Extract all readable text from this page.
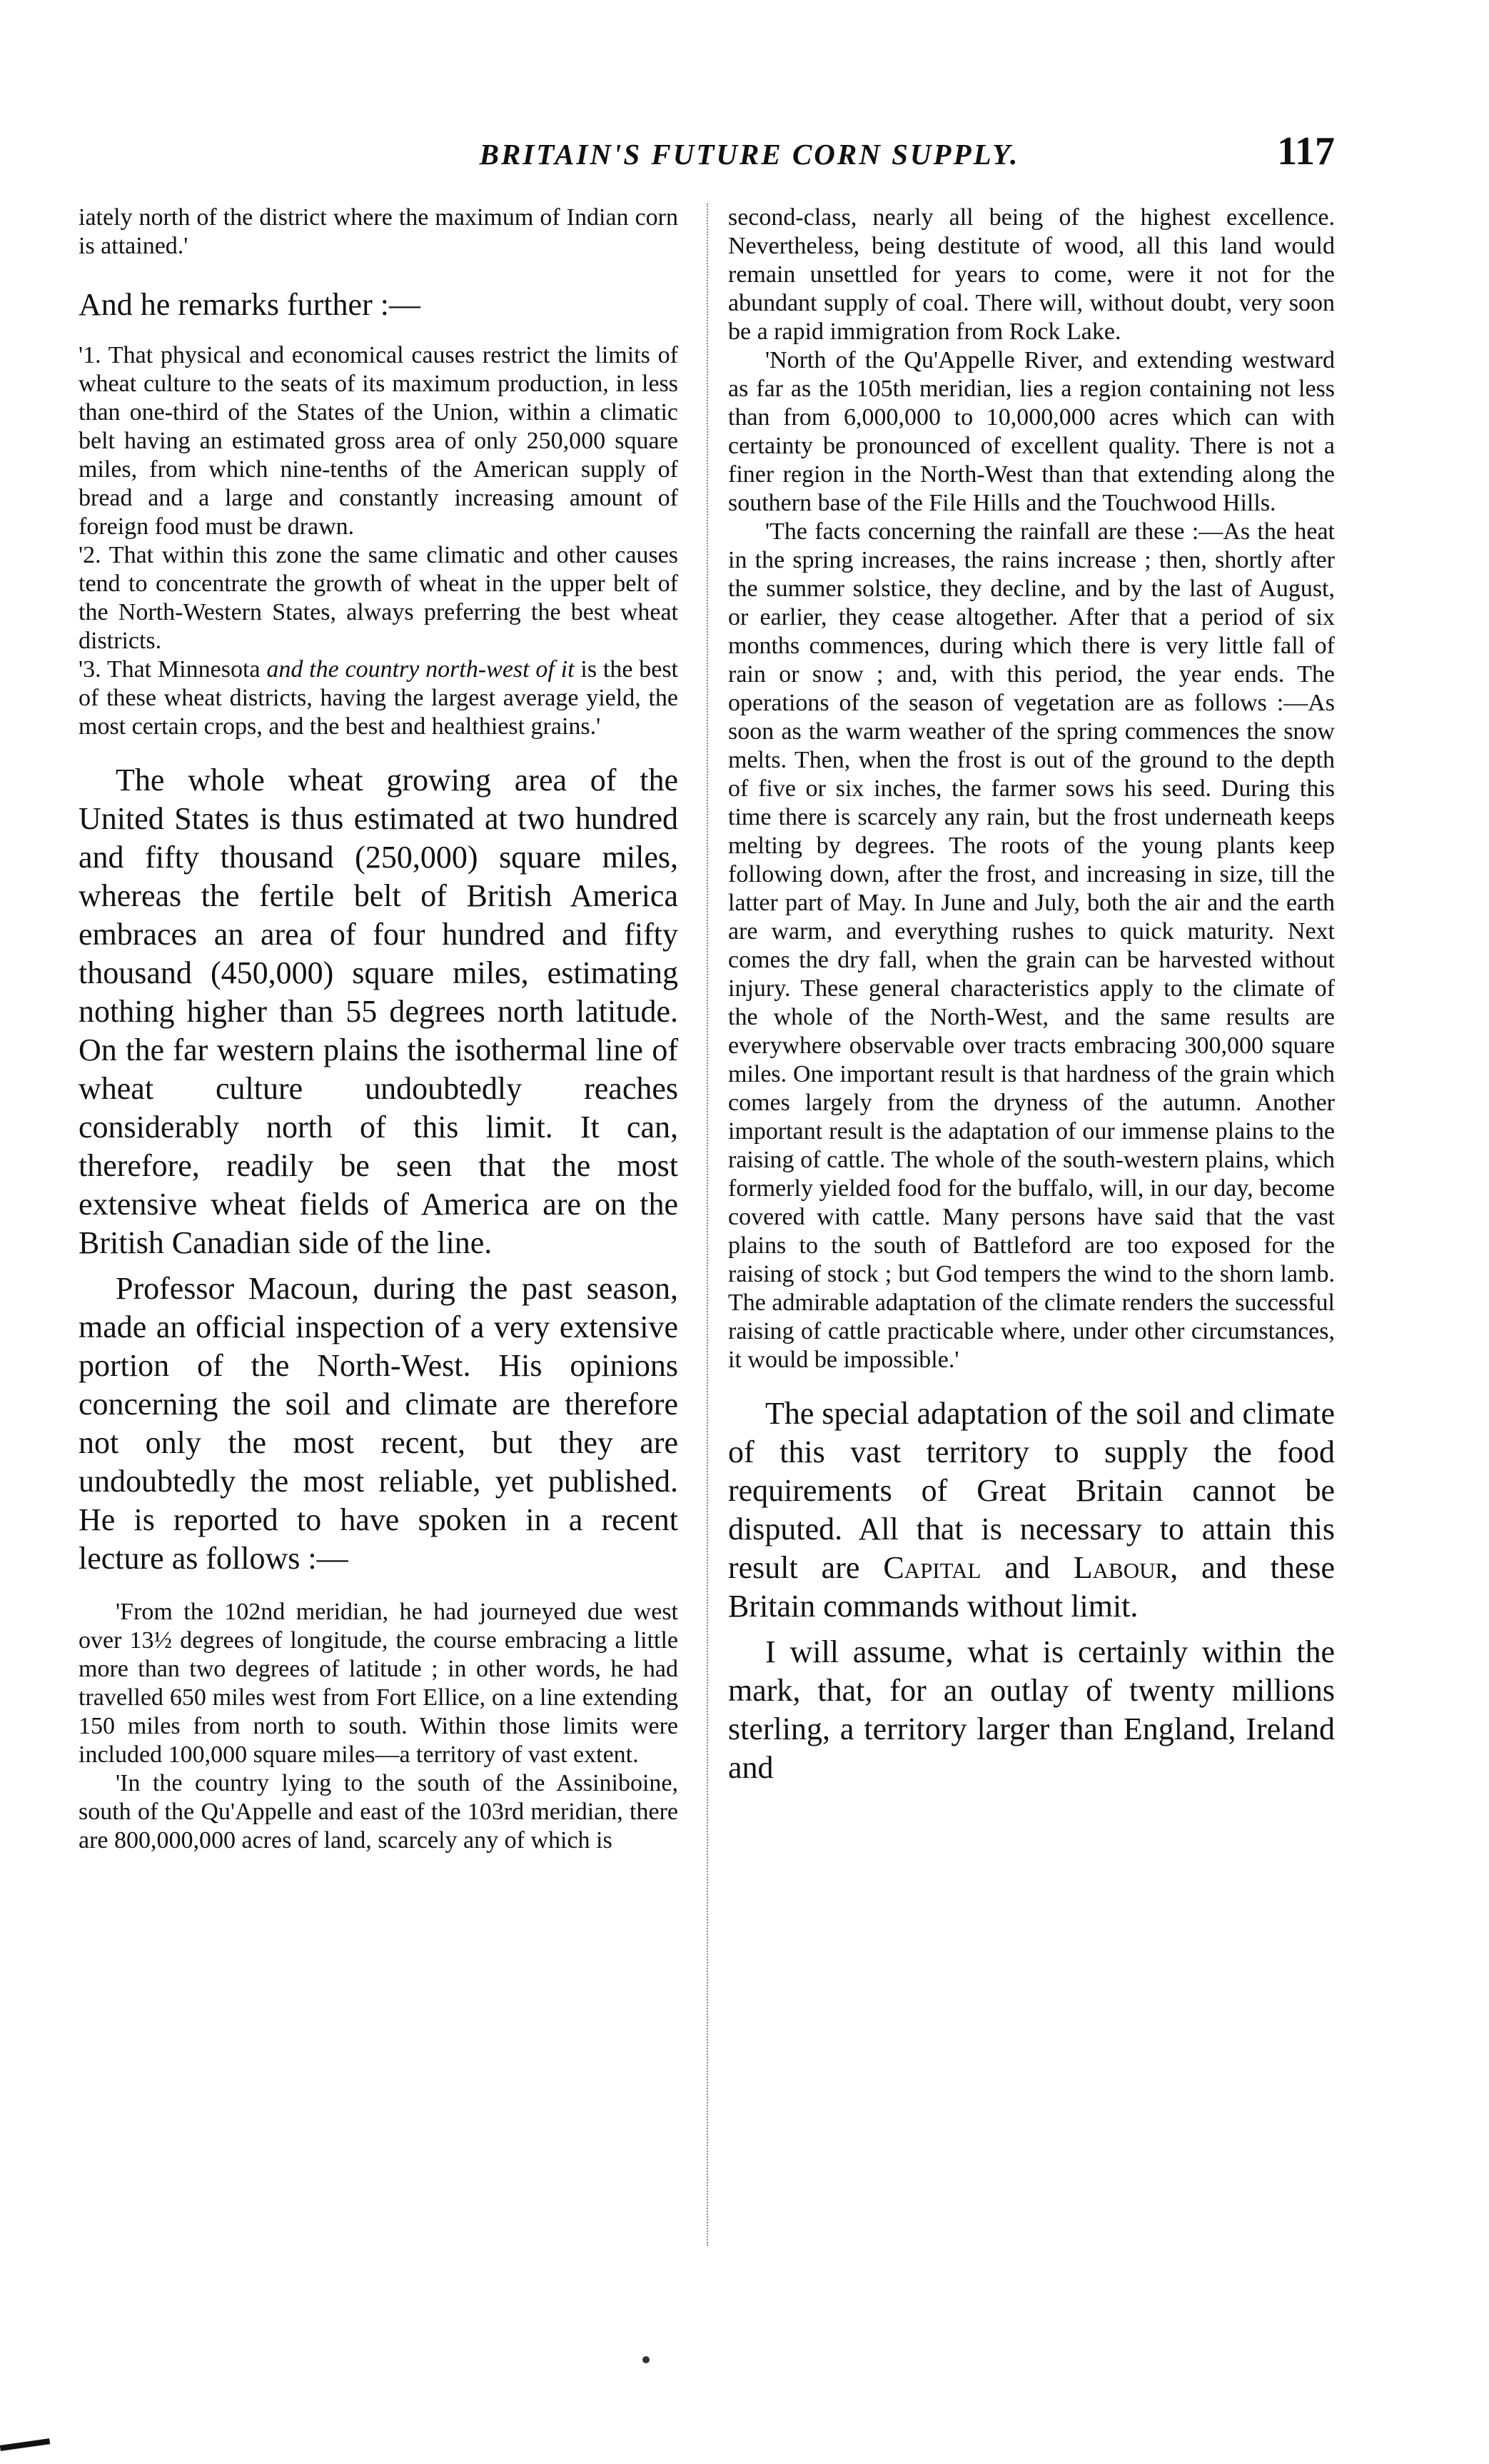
BRITAIN'S FUTURE CORN SUPPLY.	117

iately north of the district where the maximum of Indian corn is attained.'

And he remarks further :—

'1. That physical and economical causes restrict the limits of wheat culture to the seats of its maximum production, in less than one-third of the States of the Union, within a climatic belt having an estimated gross area of only 250,000 square miles, from which nine-tenths of the American supply of bread and a large and constantly increasing amount of foreign food must be drawn.

'2. That within this zone the same climatic and other causes tend to concentrate the growth of wheat in the upper belt of the North-Western States, always preferring the best wheat districts.

'3. That Minnesota and the country north-west of it is the best of these wheat districts, having the largest average yield, the most certain crops, and the best and healthiest grains.'

The whole wheat growing area of the United States is thus estimated at two hundred and fifty thousand (250,000) square miles, whereas the fertile belt of British America embraces an area of four hundred and fifty thousand (450,000) square miles, estimating nothing higher than 55 degrees north latitude. On the far western plains the isothermal line of wheat culture undoubtedly reaches considerably north of this limit. It can, therefore, readily be seen that the most extensive wheat fields of America are on the British Canadian side of the line.

Professor Macoun, during the past season, made an official inspection of a very extensive portion of the North-West. His opinions concerning the soil and climate are therefore not only the most recent, but they are undoubtedly the most reliable, yet published. He is reported to have spoken in a recent lecture as follows :—

'From the 102nd meridian, he had journeyed due west over 13½ degrees of longitude, the course embracing a little more than two degrees of latitude ; in other words, he had travelled 650 miles west from Fort Ellice, on a line extending 150 miles from north to south. Within those limits were included 100,000 square miles—a territory of vast extent.

'In the country lying to the south of the Assiniboine, south of the Qu'Appelle and east of the 103rd meridian, there are 800,000,000 acres of land, scarcely any of which is

second-class, nearly all being of the highest excellence. Nevertheless, being destitute of wood, all this land would remain unsettled for years to come, were it not for the abundant supply of coal. There will, without doubt, very soon be a rapid immigration from Rock Lake.

'North of the Qu'Appelle River, and extending westward as far as the 105th meridian, lies a region containing not less than from 6,000,000 to 10,000,000 acres which can with certainty be pronounced of excellent quality. There is not a finer region in the North-West than that extending along the southern base of the File Hills and the Touchwood Hills.

'The facts concerning the rainfall are these :—As the heat in the spring increases, the rains increase ; then, shortly after the summer solstice, they decline, and by the last of August, or earlier, they cease altogether. After that a period of six months commences, during which there is very little fall of rain or snow ; and, with this period, the year ends. The operations of the season of vegetation are as follows :—As soon as the warm weather of the spring commences the snow melts. Then, when the frost is out of the ground to the depth of five or six inches, the farmer sows his seed. During this time there is scarcely any rain, but the frost underneath keeps melting by degrees. The roots of the young plants keep following down, after the frost, and increasing in size, till the latter part of May. In June and July, both the air and the earth are warm, and everything rushes to quick maturity. Next comes the dry fall, when the grain can be harvested without injury. These general characteristics apply to the climate of the whole of the North-West, and the same results are everywhere observable over tracts embracing 300,000 square miles. One important result is that hardness of the grain which comes largely from the dryness of the autumn. Another important result is the adaptation of our immense plains to the raising of cattle. The whole of the south-western plains, which formerly yielded food for the buffalo, will, in our day, become covered with cattle. Many persons have said that the vast plains to the south of Battleford are too exposed for the raising of stock ; but God tempers the wind to the shorn lamb. The admirable adaptation of the climate renders the successful raising of cattle practicable where, under other circumstances, it would be impossible.'

The special adaptation of the soil and climate of this vast territory to supply the food requirements of Great Britain cannot be disputed. All that is necessary to attain this result are Capital and Labour, and these Britain commands without limit.

I will assume, what is certainly within the mark, that, for an outlay of twenty millions sterling, a territory larger than England, Ireland and
